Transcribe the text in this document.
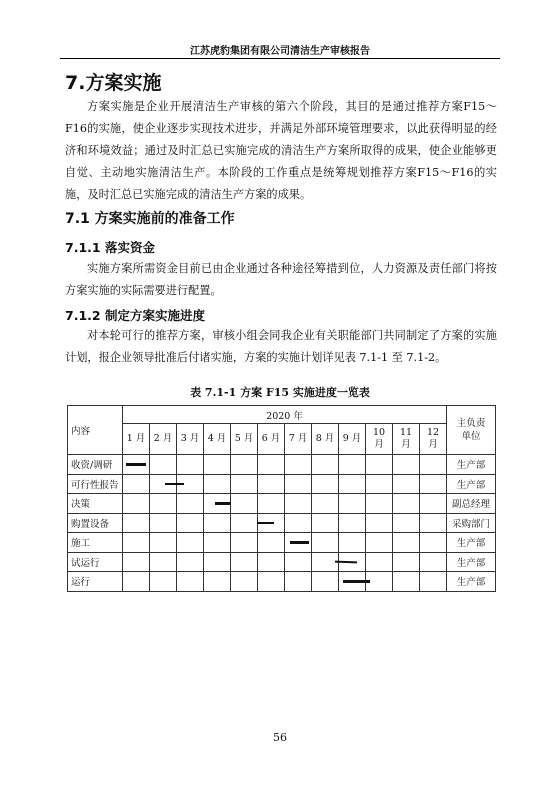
江苏虎豹集团有限公司清洁生产审核报告
7.方案实施
方案实施是企业开展清洁生产审核的第六个阶段，其目的是通过推荐方案F15～F16的实施，使企业逐步实现技术进步，并满足外部环境管理要求，以此获得明显的经济和环境效益；通过及时汇总已实施完成的清洁生产方案所取得的成果，使企业能够更自觉、主动地实施清洁生产。本阶段的工作重点是统筹规划推荐方案F15～F16的实施，及时汇总已实施完成的清洁生产方案的成果。
7.1 方案实施前的准备工作
7.1.1 落实资金
实施方案所需资金目前已由企业通过各种途径筹措到位，人力资源及责任部门将按方案实施的实际需要进行配置。
7.1.2 制定方案实施进度
对本轮可行的推荐方案，审核小组会同我企业有关职能部门共同制定了方案的实施计划，报企业领导批准后付诸实施，方案的实施计划详见表 7.1-1 至 7.1-2。
表 7.1-1 方案 F15 实施进度一览表
内容	2020 年												主负责单位

	1 月	2 月	3 月	4 月	5 月	6 月	7 月	8 月	9 月	10 月	11 月	12 月	
收资/调研													生产部
可行性报告													生产部
决策													副总经理
购置设备													采购部门
施工													生产部
试运行													生产部
运行													生产部
56
